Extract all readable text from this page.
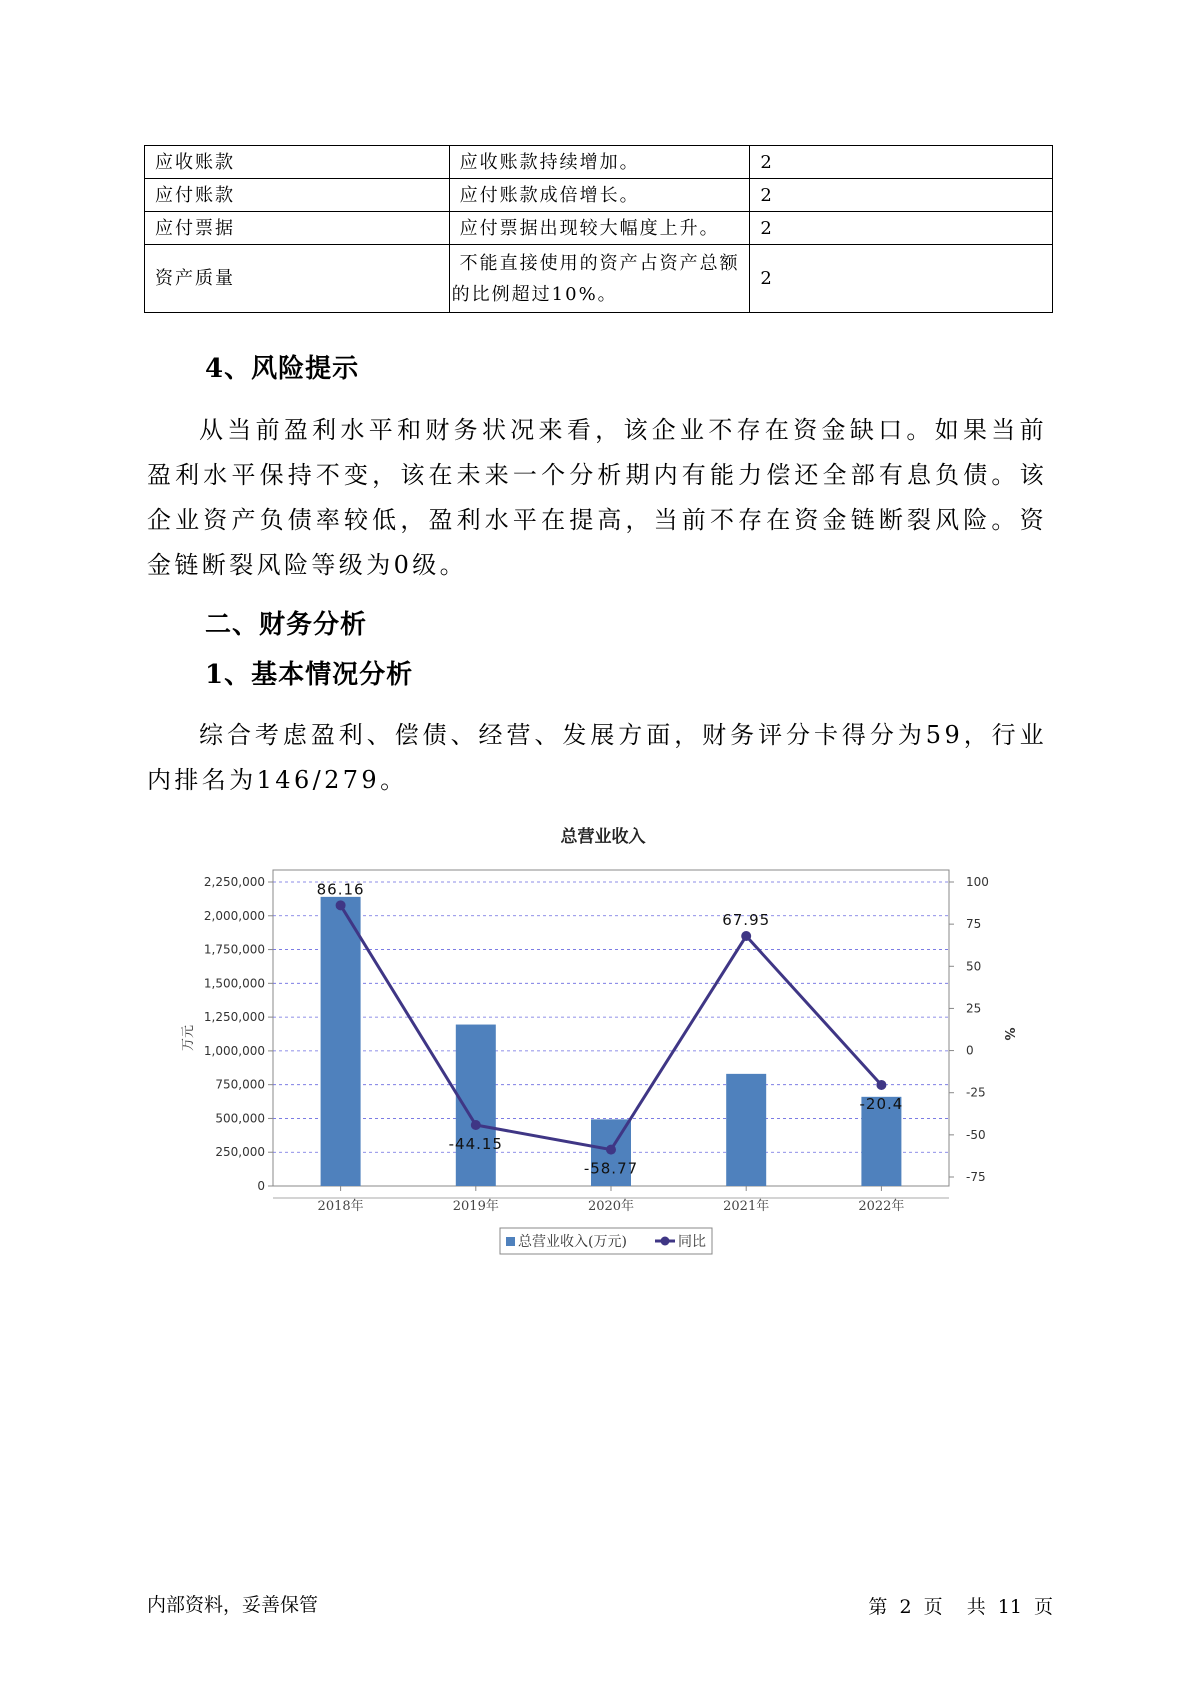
应收账款	应收账款持续增加。	2
应付账款	应付账款成倍增长。	2
应付票据	应付票据出现较大幅度上升。	2
资产质量	不能直接使用的资产占资产总额的比例超过10%。	2
4、风险提示

从当前盈利水平和财务状况来看，该企业不存在资金缺口。如果当前盈利水平保持不变，该在未来一个分析期内有能力偿还全部有息负债。该企业资产负债率较低，盈利水平在提高，当前不存在资金链断裂风险。资金链断裂风险等级为0级。

二、财务分析
1、基本情况分析

综合考虑盈利、偿债、经营、发展方面，财务评分卡得分为59，行业内排名为146/279。

总营业收入
0
250,000
500,000
750,000
1,000,000
1,250,000
1,500,000
1,750,000
2,000,000
2,250,000
-75
-50
-25
0
25
50
75
100
万元	%
2018年	2019年	2020年	2021年	2022年
86.16
-44.15
-58.77
67.95
-20.4
总营业收入(万元)	同比
内部资料，妥善保管	第 2 页 共 11 页
